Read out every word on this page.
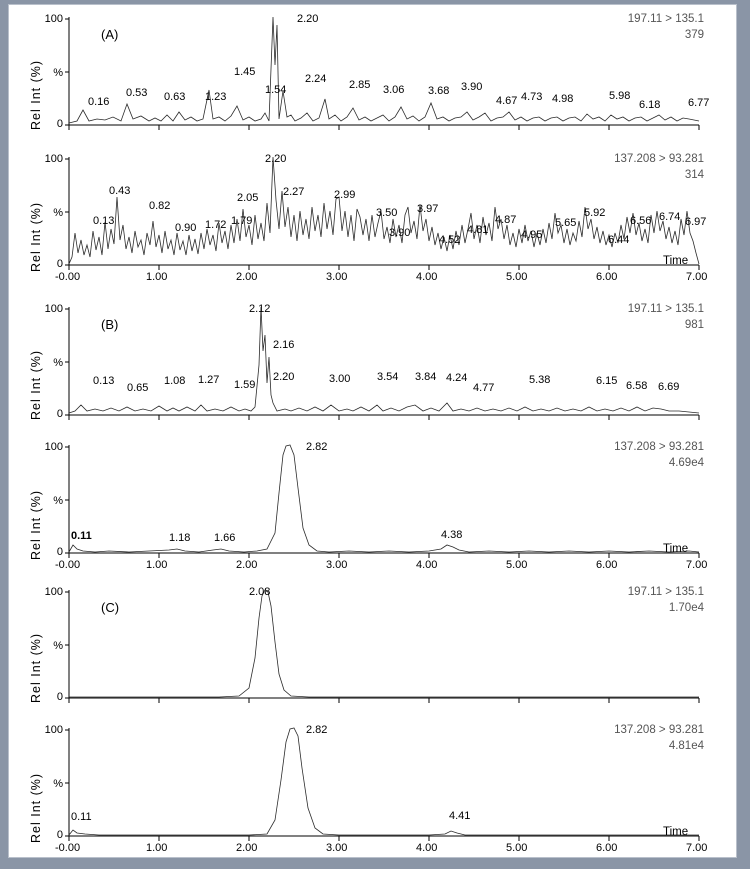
Rel Int (%)
100
%
0
197.11 > 135.1
379
(A)
0.16
0.53 0.63 1.23
1.45
1.54
2.20
2.24 2.85 3.06 3.68 3.90
4.67 4.73 4.98	5.98
6.18	6.77
Rel Int (%)
100
%
0
137.208 > 93.281
314
0.13
0.43
0.82
0.90 1.72 1.79
2.05
2.20
2.27	2.99
3.50
3.90
3.97
4.52
4.81
4.87
4.95
5.65
5.92
6.44
6.56 6.74 6.97
-0.00	1.00	2.00	3.00	4.00	5.00	6.00	7.00
Time
Rel Int (%)
100
%
0
197.11 > 135.1
981
(B)
0.13
0.65
1.08 1.27 1.59
2.12
2.16
2.20	3.00 3.54 3.84 4.24
4.77
5.38	6.15 6.58 6.69
Rel Int (%)
100
%
0
137.208 > 93.281
4.69e4
0.11	1.18 1.66
2.82
4.38
-0.00	1.00	2.00	3.00	4.00	5.00	6.00	7.00
Time
Rel Int (%)
100
%
0
197.11 > 135.1
1.70e4
(C)
2.08
Rel Int (%)
100
%
0
137.208 > 93.281
4.81e4
0.11
2.82
4.41
-0.00	1.00	2.00	3.00	4.00	5.00	6.00	7.00
Time
